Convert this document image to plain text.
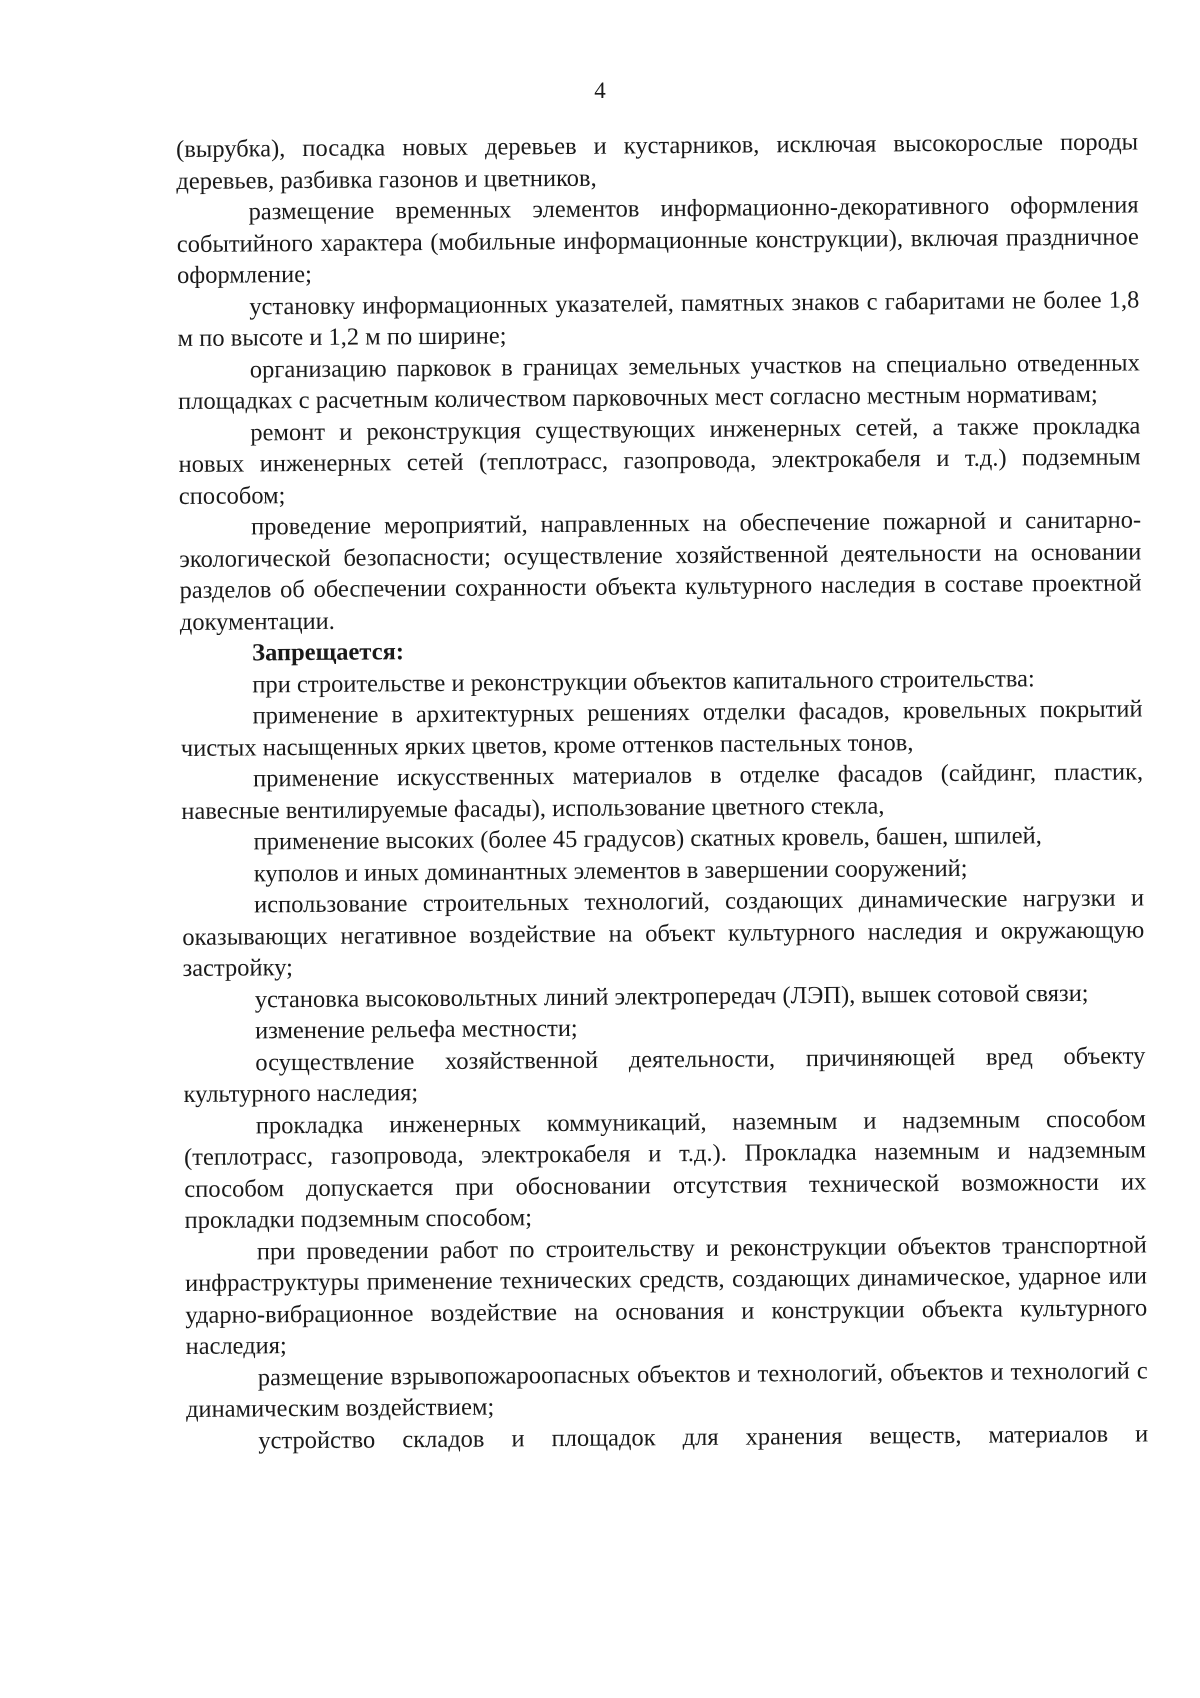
4

(вырубка), посадка новых деревьев и кустарников, исключая высокорослые породы деревьев, разбивка газонов и цветников,

размещение временных элементов информационно-декоративного оформления событийного характера (мобильные информационные конструкции), включая праздничное оформление;

установку информационных указателей, памятных знаков с габаритами не более 1,8 м по высоте и 1,2 м по ширине;

организацию парковок в границах земельных участков на специально отведенных площадках с расчетным количеством парковочных мест согласно местным нормативам;

ремонт и реконструкция существующих инженерных сетей, а также прокладка новых инженерных сетей (теплотрасс, газопровода, электрокабеля и т.д.) подземным способом;

проведение мероприятий, направленных на обеспечение пожарной и санитарно-экологической безопасности; осуществление хозяйственной деятельности на основании разделов об обеспечении сохранности объекта культурного наследия в составе проектной документации.

Запрещается:

при строительстве и реконструкции объектов капитального строительства:

применение в архитектурных решениях отделки фасадов, кровельных покрытий чистых насыщенных ярких цветов, кроме оттенков пастельных тонов,

применение искусственных материалов в отделке фасадов (сайдинг, пластик, навесные вентилируемые фасады), использование цветного стекла,

применение высоких (более 45 градусов) скатных кровель, башен, шпилей,

куполов и иных доминантных элементов в завершении сооружений;

использование строительных технологий, создающих динамические нагрузки и оказывающих негативное воздействие на объект культурного наследия и окружающую застройку;

установка высоковольтных линий электропередач (ЛЭП), вышек сотовой связи;

изменение рельефа местности;

осуществление хозяйственной деятельности, причиняющей вред объекту культурного наследия;

прокладка инженерных коммуникаций, наземным и надземным способом (теплотрасс, газопровода, электрокабеля и т.д.). Прокладка наземным и надземным способом допускается при обосновании отсутствия технической возможности их прокладки подземным способом;

при проведении работ по строительству и реконструкции объектов транспортной инфраструктуры применение технических средств, создающих динамическое, ударное или ударно-вибрационное воздействие на основания и конструкции объекта культурного наследия;

размещение взрывопожароопасных объектов и технологий, объектов и технологий с динамическим воздействием;

устройство складов и площадок для хранения веществ, материалов и
